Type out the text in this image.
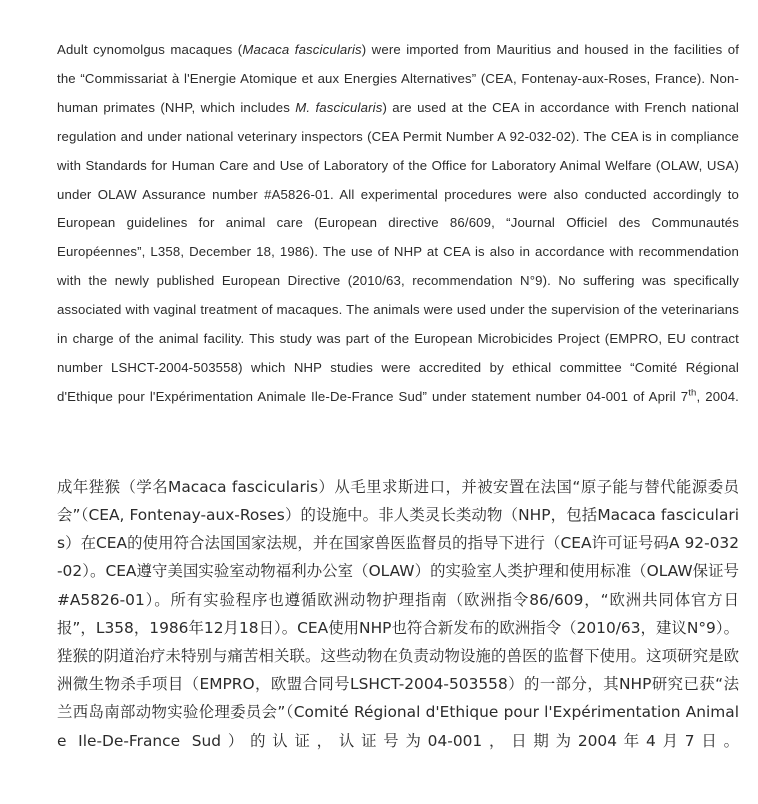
Adult cynomolgus macaques (Macaca fascicularis) were imported from Mauritius and housed in the facilities of the “Commissariat à l'Energie Atomique et aux Energies Alternatives” (CEA, Fontenay-aux-Roses, France). Non-human primates (NHP, which includes M. fascicularis) are used at the CEA in accordance with French national regulation and under national veterinary inspectors (CEA Permit Number A 92-032-02). The CEA is in compliance with Standards for Human Care and Use of Laboratory of the Office for Laboratory Animal Welfare (OLAW, USA) under OLAW Assurance number #A5826-01. All experimental procedures were also conducted accordingly to European guidelines for animal care (European directive 86/609, “Journal Officiel des Communautés Européennes”, L358, December 18, 1986). The use of NHP at CEA is also in accordance with recommendation with the newly published European Directive (2010/63, recommendation N°9). No suffering was specifically associated with vaginal treatment of macaques. The animals were used under the supervision of the veterinarians in charge of the animal facility. This study was part of the European Microbicides Project (EMPRO, EU contract number LSHCT-2004-503558) which NHP studies were accredited by ethical committee “Comité Régional d'Ethique pour l'Expérimentation Animale Ile-De-France Sud” under statement number 04-001 of April 7th, 2004.

成年狴猴（学名Macaca fascicularis）从毛里求斯进口，并被安置在法国“原子能与替代能源委员会”（CEA, Fontenay-aux-Roses）的设施中。非人类灵长类动物（NHP，包括Macaca fascicularis）在CEA的使用符合法国国家法规，并在国家兽医监督员的指导下进行（CEA许可证号码A 92-032-02）。CEA遵守美国实验室动物福利办公室（OLAW）的实验室人类护理和使用标准（OLAW保证号#A5826-01）。所有实验程序也遵循欧洲动物护理指南（欧洲指令86/609，“欧洲共同体官方日报”，L358，1986年12月18日）。CEA使用NHP也符合新发布的欧洲指令（2010/63，建议N°9）。狴猴的阴道治疗未特别与痛苦相关联。这些动物在负责动物设施的兽医的监督下使用。这项研究是欧洲微生物杀手项目（EMPRO，欧盟合同号LSHCT-2004-503558）的一部分，其NHP研究已获“法兰西岛南部动物实验伦理委员会”（Comité Régional d'Ethique pour l'Expérimentation Animale Ile-De-France Sud）的认证，认证号为04-001，日期为2004年4月7日。
